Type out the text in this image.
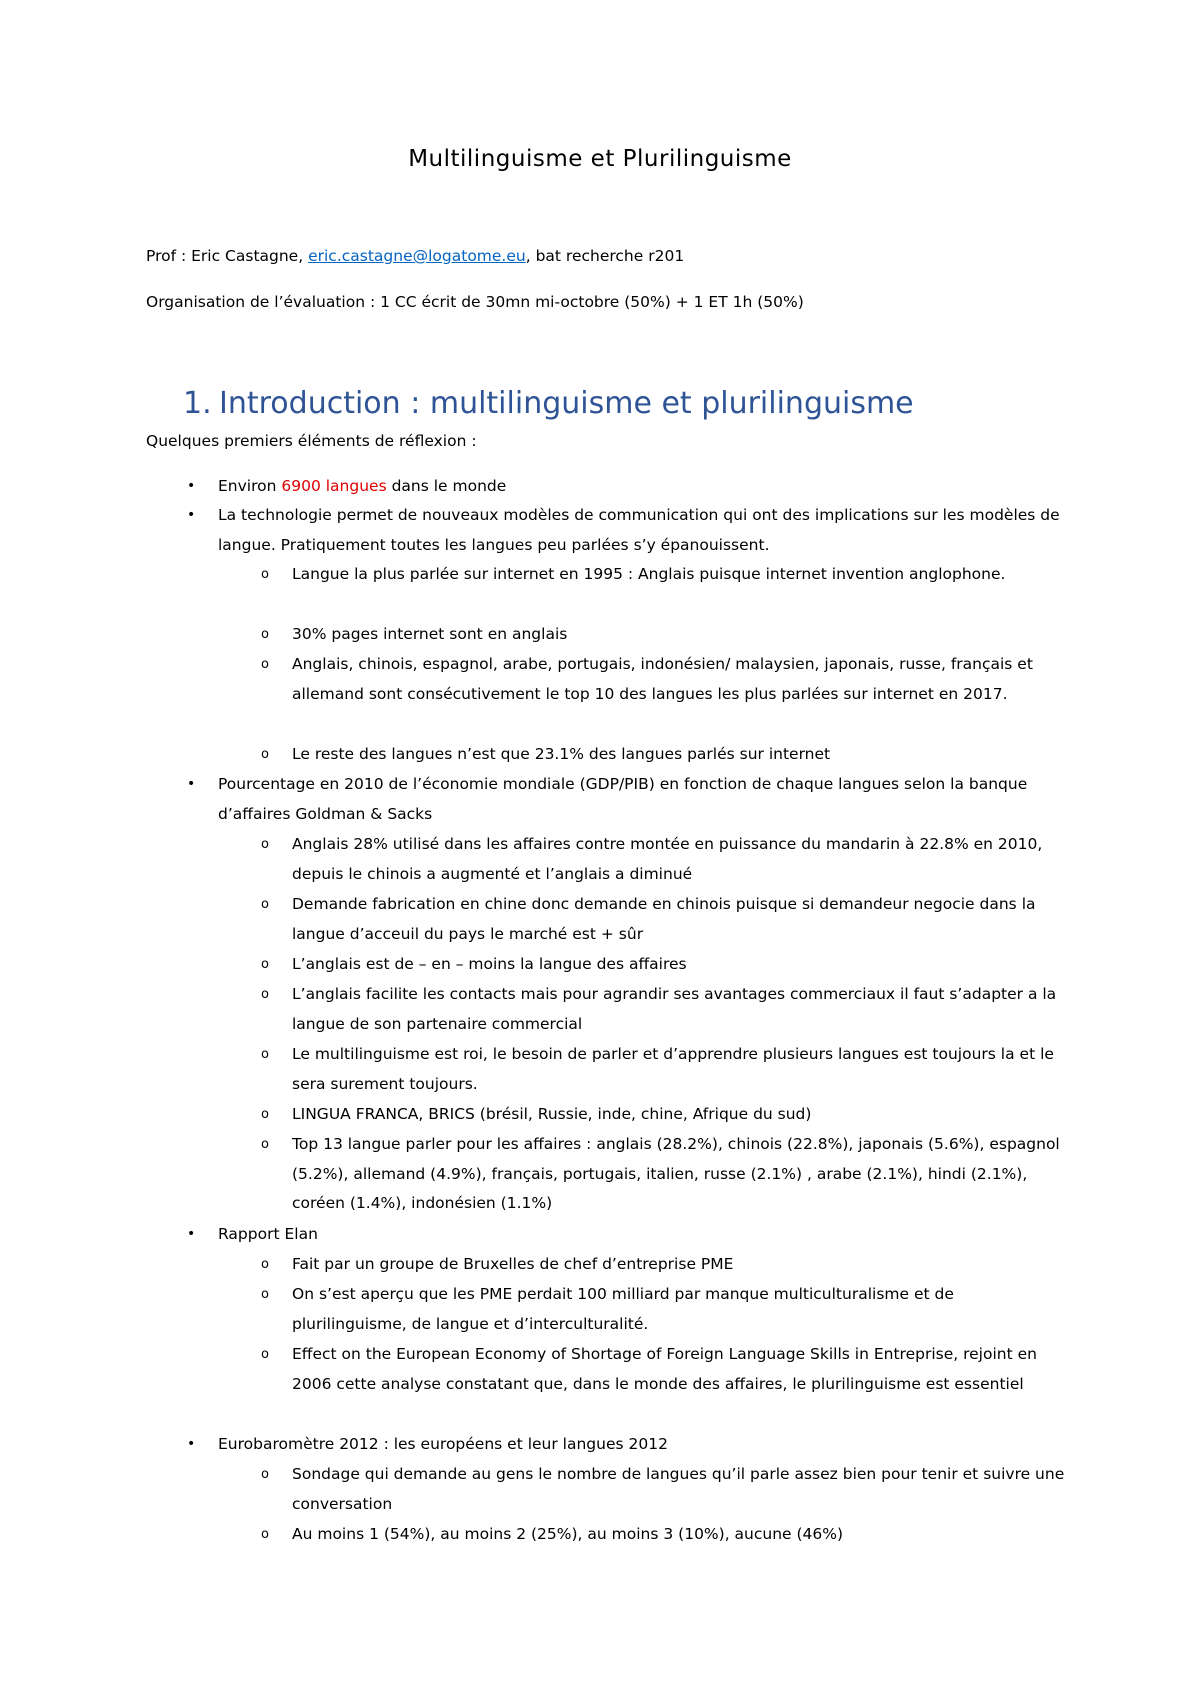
Multilinguisme et Plurilinguisme
Prof : Eric Castagne, eric.castagne@logatome.eu, bat recherche r201
Organisation de l’évaluation : 1 CC écrit de 30mn mi-octobre (50%) + 1 ET 1h (50%)
1. Introduction : multilinguisme et plurilinguisme
Quelques premiers éléments de réflexion :
• Environ 6900 langues dans le monde
• La technologie permet de nouveaux modèles de communication qui ont des implications sur les modèles de langue. Pratiquement toutes les langues peu parlées s’y épanouissent.
o Langue la plus parlée sur internet en 1995 : Anglais puisque internet invention anglophone.
o 30% pages internet sont en anglais
o Anglais, chinois, espagnol, arabe, portugais, indonésien/ malaysien, japonais, russe, français et allemand sont consécutivement le top 10 des langues les plus parlées sur internet en 2017.
o Le reste des langues n’est que 23.1% des langues parlés sur internet
• Pourcentage en 2010 de l’économie mondiale (GDP/PIB) en fonction de chaque langues selon la banque d’affaires Goldman & Sacks
o Anglais 28% utilisé dans les affaires contre montée en puissance du mandarin à 22.8% en 2010, depuis le chinois a augmenté et l’anglais a diminué
o Demande fabrication en chine donc demande en chinois puisque si demandeur negocie dans la langue d’acceuil du pays le marché est + sûr
o L’anglais est de – en – moins la langue des affaires
o L’anglais facilite les contacts mais pour agrandir ses avantages commerciaux il faut s’adapter a la langue de son partenaire commercial
o Le multilinguisme est roi, le besoin de parler et d’apprendre plusieurs langues est toujours la et le sera surement toujours.
o LINGUA FRANCA, BRICS (brésil, Russie, inde, chine, Afrique du sud)
o Top 13 langue parler pour les affaires : anglais (28.2%), chinois (22.8%), japonais (5.6%), espagnol (5.2%), allemand (4.9%), français, portugais, italien, russe (2.1%) , arabe (2.1%), hindi (2.1%), coréen (1.4%), indonésien (1.1%)
• Rapport Elan
o Fait par un groupe de Bruxelles de chef d’entreprise PME
o On s’est aperçu que les PME perdait 100 milliard par manque multiculturalisme et de plurilinguisme, de langue et d’interculturalité.
o Effect on the European Economy of Shortage of Foreign Language Skills in Entreprise, rejoint en 2006 cette analyse constatant que, dans le monde des affaires, le plurilinguisme est essentiel
• Eurobaromètre 2012 : les européens et leur langues 2012
o Sondage qui demande au gens le nombre de langues qu’il parle assez bien pour tenir et suivre une conversation
o Au moins 1 (54%), au moins 2 (25%), au moins 3 (10%), aucune (46%)
